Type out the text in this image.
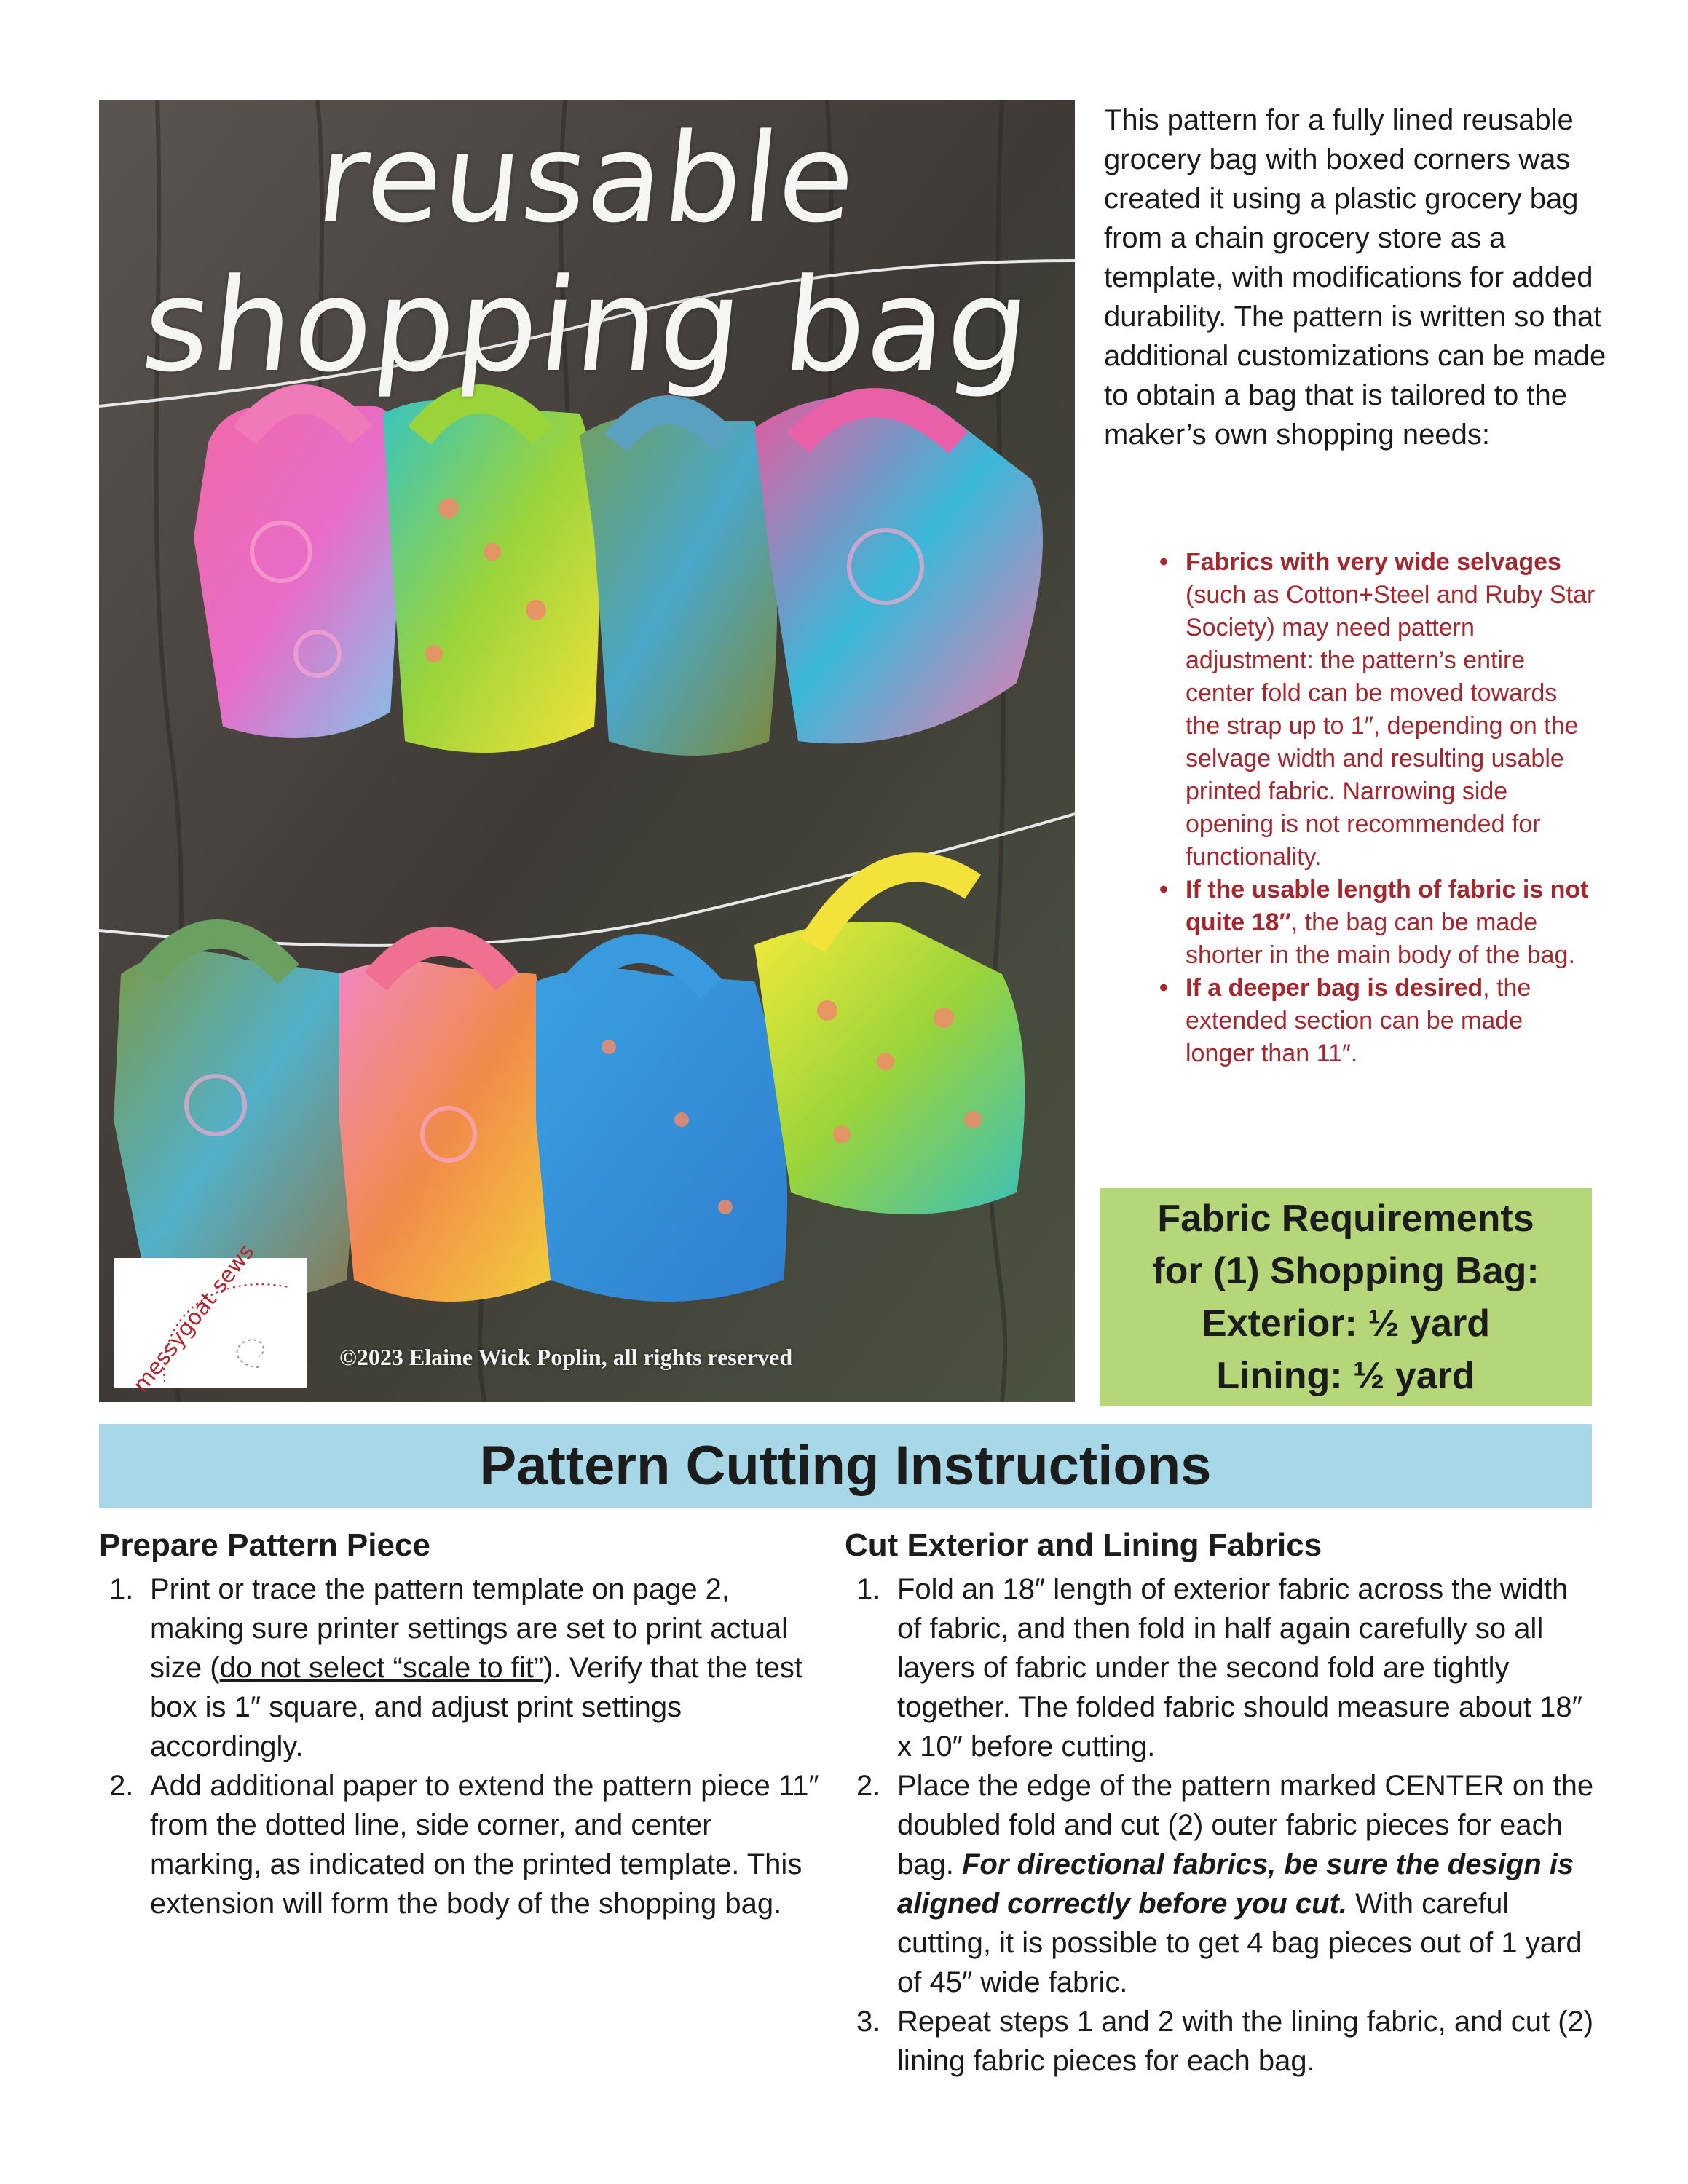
reusable
shopping bag
messygoat sews	©2023 Elaine Wick Poplin, all rights reserved

This pattern for a fully lined reusable grocery bag with boxed corners was created it using a plastic grocery bag from a chain grocery store as a template, with modifications for added durability. The pattern is written so that additional customizations can be made to obtain a bag that is tailored to the maker’s own shopping needs:

• Fabrics with very wide selvages (such as Cotton+Steel and Ruby Star Society) may need pattern adjustment: the pattern’s entire center fold can be moved towards the strap up to 1″, depending on the selvage width and resulting usable printed fabric. Narrowing side opening is not recommended for functionality.
• If the usable length of fabric is not quite 18″, the bag can be made shorter in the main body of the bag.
• If a deeper bag is desired, the extended section can be made longer than 11″.
Fabric Requirements
for (1) Shopping Bag:
Exterior: ½ yard
Lining: ½ yard
Pattern Cutting Instructions
Prepare Pattern Piece
1. Print or trace the pattern template on page 2, making sure printer settings are set to print actual size (do not select “scale to fit”). Verify that the test box is 1″ square, and adjust print settings accordingly.
2. Add additional paper to extend the pattern piece 11″ from the dotted line, side corner, and center marking, as indicated on the printed template. This extension will form the body of the shopping bag.
Cut Exterior and Lining Fabrics
1. Fold an 18″ length of exterior fabric across the width of fabric, and then fold in half again carefully so all layers of fabric under the second fold are tightly together. The folded fabric should measure about 18″ x 10″ before cutting.
2. Place the edge of the pattern marked CENTER on the doubled fold and cut (2) outer fabric pieces for each bag. For directional fabrics, be sure the design is aligned correctly before you cut. With careful cutting, it is possible to get 4 bag pieces out of 1 yard of 45″ wide fabric.
3. Repeat steps 1 and 2 with the lining fabric, and cut (2) lining fabric pieces for each bag.
